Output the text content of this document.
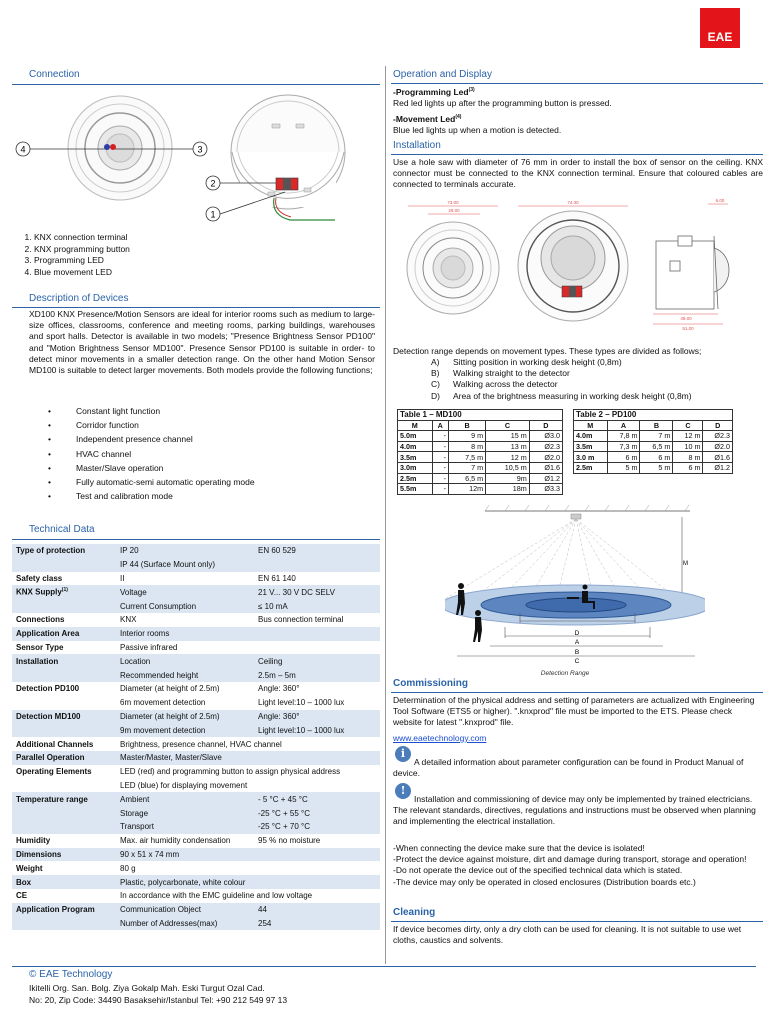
EAE
Connection
4	3
2
1
1. KNX connection terminal
2. KNX programming button
3. Programming LED
4. Blue movement LED
Description of Devices
XD100 KNX Presence/Motion Sensors are ideal for interior rooms such as medium to large-size offices, classrooms, conference and meeting rooms, parking buildings, warehouses and sport halls. Detector is available in two models; "Presence Brightness Sensor PD100" and "Motion Brightness Sensor MD100". Presence Sensor PD100 is suitable in order- to detect minor movements in a smaller detection range. On the other hand Motion Sensor MD100 is suitable to detect larger movements. Both models provide the following functions;
•	Constant light function
•	Corridor function
•	Independent presence channel
•	HVAC channel
•	Master/Slave operation
•	Fully automatic-semi automatic operating mode
•	Test and calibration mode
Technical Data
Type of protection	IP 20	EN 60 529
	IP 44 (Surface Mount only)	
Safety class	II	EN 61 140
KNX Supply$^{(1)}$	Voltage	21 V... 30 V DC SELV
	Current Consumption	≤ 10 mA
Connections	KNX	Bus connection terminal
Application Area	Interior rooms	
Sensor Type	Passive infrared	
Installation	Location	Ceiling
	Recommended height	2.5m – 5m
Detection PD100	Diameter (at height of 2.5m)	Angle: 360°
	6m movement detection	Light level:10 – 1000 lux
Detection MD100	Diameter (at height of 2.5m)	Angle: 360°
	9m movement detection	Light level:10 – 1000 lux
Additional Channels	Brightness, presence channel, HVAC channel	
Parallel Operation	Master/Master, Master/Slave	
Operating Elements	LED (red) and programming button to assign physical address	
	LED (blue) for displaying movement	
Temperature range	Ambient	- 5 °C + 45 °C
	Storage	-25 °C + 55 °C
	Transport	-25 °C + 70 °C
Humidity	Max. air humidity condensation	95 % no moisture
Dimensions	90 x 51 x 74 mm	
Weight	80 g	
Box	Plastic, polycarbonate, white colour	
CE	In accordance with the EMC guideline and low voltage	
Application Program	Communication Object	44
	Number of Addresses(max)	254
Operation and Display
-Programming Led$^{(3)}$
Red led lights up after the programming button is pressed.
-Movement Led$^{(4)}$
Blue led lights up when a motion is detected.
Installation
Use a hole saw with diameter of 76 mm in order to install the box of sensor on the ceiling. KNX connector must be connected to the KNX connection terminal. Ensure that coloured cables are connected to terminals accurate.
73.00
28.00
74.30	6.00
49.00
51.00
Detection range depends on movement types. These types are divided as follows;
A) Sitting position in working desk height (0,8m)
B) Walking straight to the detector
C) Walking across the detector
D) Area of the brightness measuring in working desk height (0,8m)
Table 1 – MD100				
M	A	B	C	D
5.0m	-	9 m	15 m	Ø3.0
4.0m	-	8 m	13 m	Ø2.3
3.5m	-	7,5 m	12 m	Ø2.0
3.0m	-	7 m	10,5 m	Ø1.6
2.5m	-	6,5 m	9m	Ø1.2
5.5m	-	12m	18m	Ø3.3
Table 2 – PD100				
M	A	B	C	D
4.0m	7,8 m	7 m	12 m	Ø2.3
3.5m	7,3 m	6,5 m	10 m	Ø2.0
3.0 m	6 m	6 m	8 m	Ø1.6
2.5m	5 m	5 m	6 m	Ø1.2
M
D
A
B
C
Detection Range
Commissioning
Determination of the physical address and setting of parameters are actualized with Engineering Tool Software (ETS5 or higher). ".knxprod" file must be imported to the ETS. Please check website for latest ".knxprod" file.
www.eaetechnology.com
i
A detailed information about parameter configuration can be found in Product Manual of device.
!
Installation and commissioning of device may only be implemented by trained electricians. The relevant standards, directives, regulations and instructions must be observed when planning and implementing the electrical installation.
-When connecting the device make sure that the device is isolated!
-Protect the device against moisture, dirt and damage during transport, storage and operation!
-Do not operate the device out of the specified technical data which is stated.
-The device may only be operated in closed enclosures (Distribution boards etc.)
Cleaning
If device becomes dirty, only a dry cloth can be used for cleaning. It is not suitable to use wet cloths, caustics and solvents.
© EAE Technology
Ikitelli Org. San. Bolg. Ziya Gokalp Mah. Eski Turgut Ozal Cad.
No: 20, Zip Code: 34490 Basaksehir/Istanbul Tel: +90 212 549 97 13
